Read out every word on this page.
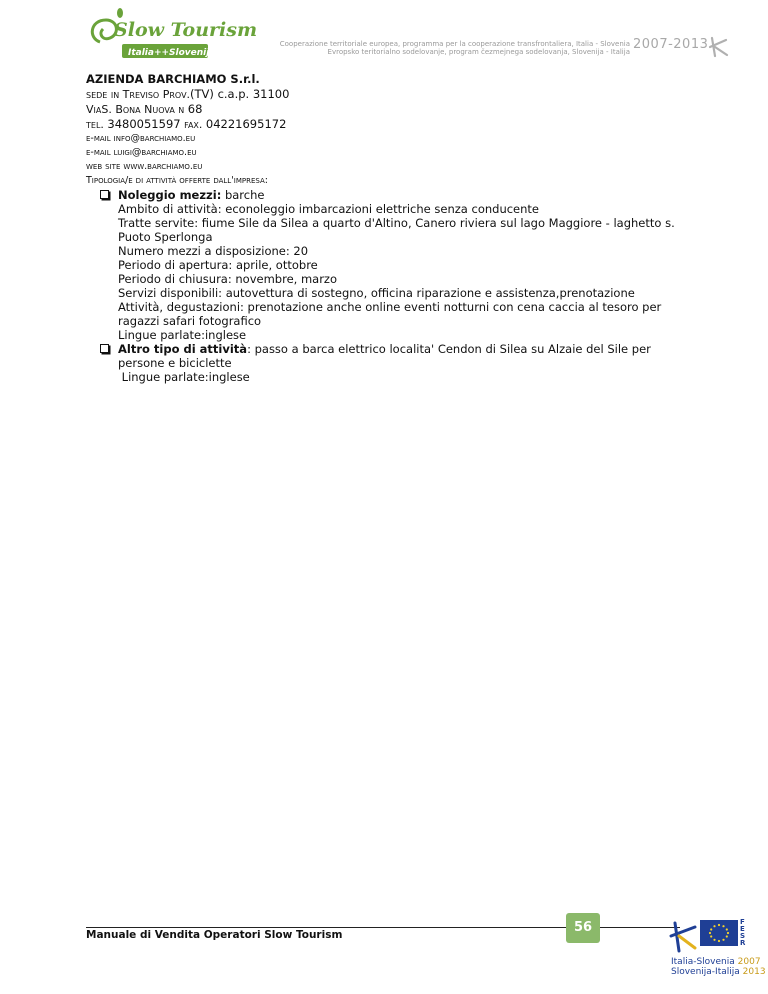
Slow Tourism
Italia++Slovenija
Cooperazione territoriale europea, programma per la cooperazione transfrontaliera, Italia - Slovenia
Evropsko teritorialno sodelovanje, program čezmejnega sodelovanja, Slovenija - Italija 2007-2013
AZIENDA BARCHIAMO S.r.l.
sede in Treviso Prov.(TV) c.a.p. 31100
ViaS. Bona Nuova n 68
tel. 3480051597 fax. 04221695172
e-mail info@barchiamo.eu
e-mail luigi@barchiamo.eu
web site www.barchiamo.eu
Tipologia/e di attività offerte dall'impresa:
Noleggio mezzi: barche
Ambito di attività: econoleggio imbarcazioni elettriche senza conducente
Tratte servite: fiume Sile da Silea a quarto d'Altino, Canero riviera sul lago Maggiore - laghetto s. Puoto Sperlonga
Numero mezzi a disposizione: 20
Periodo di apertura: aprile, ottobre
Periodo di chiusura: novembre, marzo
Servizi disponibili: autovettura di sostegno, officina riparazione e assistenza,prenotazione
Attività, degustazioni: prenotazione anche online eventi notturni con cena caccia al tesoro per ragazzi safari fotografico
Lingue parlate:inglese
Altro tipo di attività: passo a barca elettrico localita' Cendon di Silea su Alzaie del Sile per persone e biciclette
Lingue parlate:inglese
Manuale di Vendita Operatori Slow Tourism	56	FESR
Italia-Slovenia 2007
Slovenija-Italija 2013
